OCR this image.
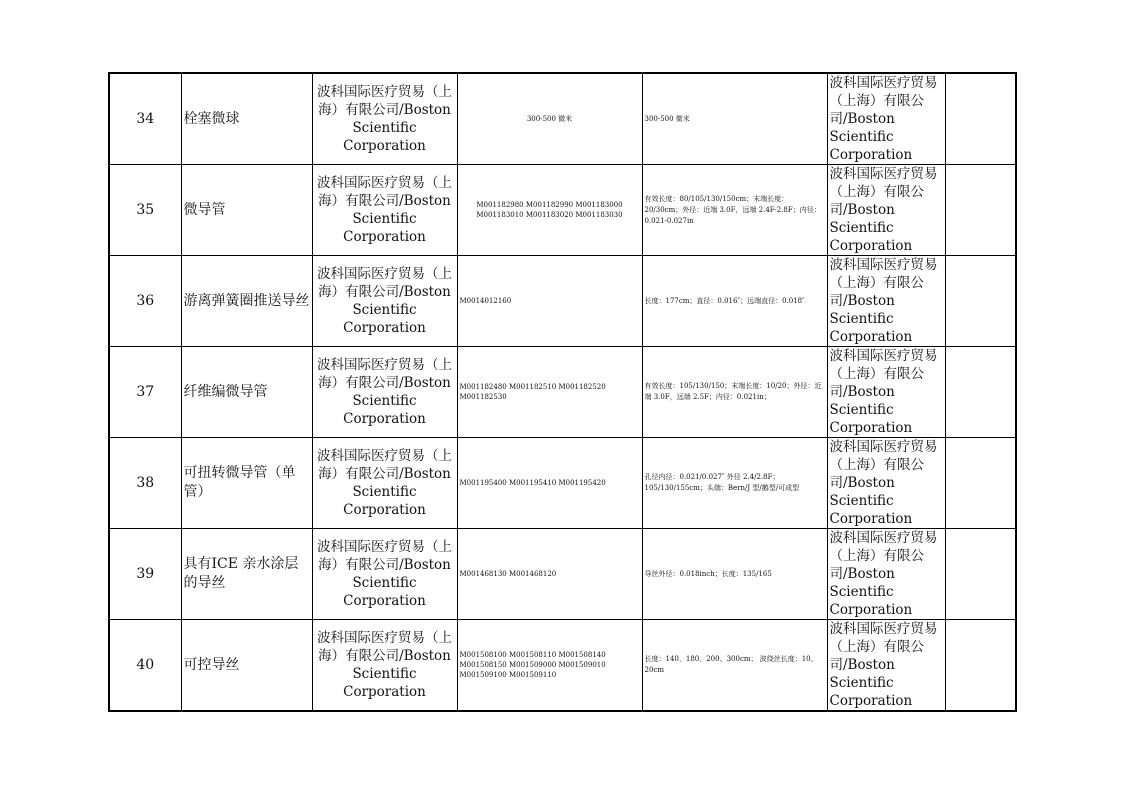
34	栓塞微球	波科国际医疗贸易（上海）有限公司/Boston Scientific Corporation	300-500 微米	300-500 微米	波科国际医疗贸易（上海）有限公司/Boston Scientific Corporation	
35	微导管	波科国际医疗贸易（上海）有限公司/Boston Scientific Corporation	M001182980 M001182990 M001183000 M001183010 M001183020 M001183030	有效长度：80/105/130/150cm；末端长度：20/30cm；外径：近端 3.0F，远端 2.4F-2.8F；内径：0.021-0.027in	波科国际医疗贸易（上海）有限公司/Boston Scientific Corporation	
36	游离弹簧圈推送导丝	波科国际医疗贸易（上海）有限公司/Boston Scientific Corporation	M0014012160	长度：177cm；直径：0.016″；远端直径：0.018″	波科国际医疗贸易（上海）有限公司/Boston Scientific Corporation	
37	纤维编微导管	波科国际医疗贸易（上海）有限公司/Boston Scientific Corporation	M001182480 M001182510 M001182520 M001182530	有效长度：105/130/150；末端长度：10/20；外径：近端 3.0F，远端 2.5F；内径：0.021in；	波科国际医疗贸易（上海）有限公司/Boston Scientific Corporation	
38	可扭转微导管（单管）	波科国际医疗贸易（上海）有限公司/Boston Scientific Corporation	M001195400 M001195410 M001195420	孔径内径：0.021/0.027″ 外径 2.4/2.8F；105/130/155cm；头端：Bern/J 型/鹅型/可成型	波科国际医疗贸易（上海）有限公司/Boston Scientific Corporation	
39	具有ICE 亲水涂层的导丝	波科国际医疗贸易（上海）有限公司/Boston Scientific Corporation	M001468130 M001468120	导丝外径：0.018inch；长度：135/165	波科国际医疗贸易（上海）有限公司/Boston Scientific Corporation	
40	可控导丝	波科国际医疗贸易（上海）有限公司/Boston Scientific Corporation	M001508100 M001508110 M001508140 M001508150 M001509000 M001509010 M001509100 M001509110	长度：140、180、200、300cm； 波绕丝长度：10、20cm	波科国际医疗贸易（上海）有限公司/Boston Scientific Corporation	
